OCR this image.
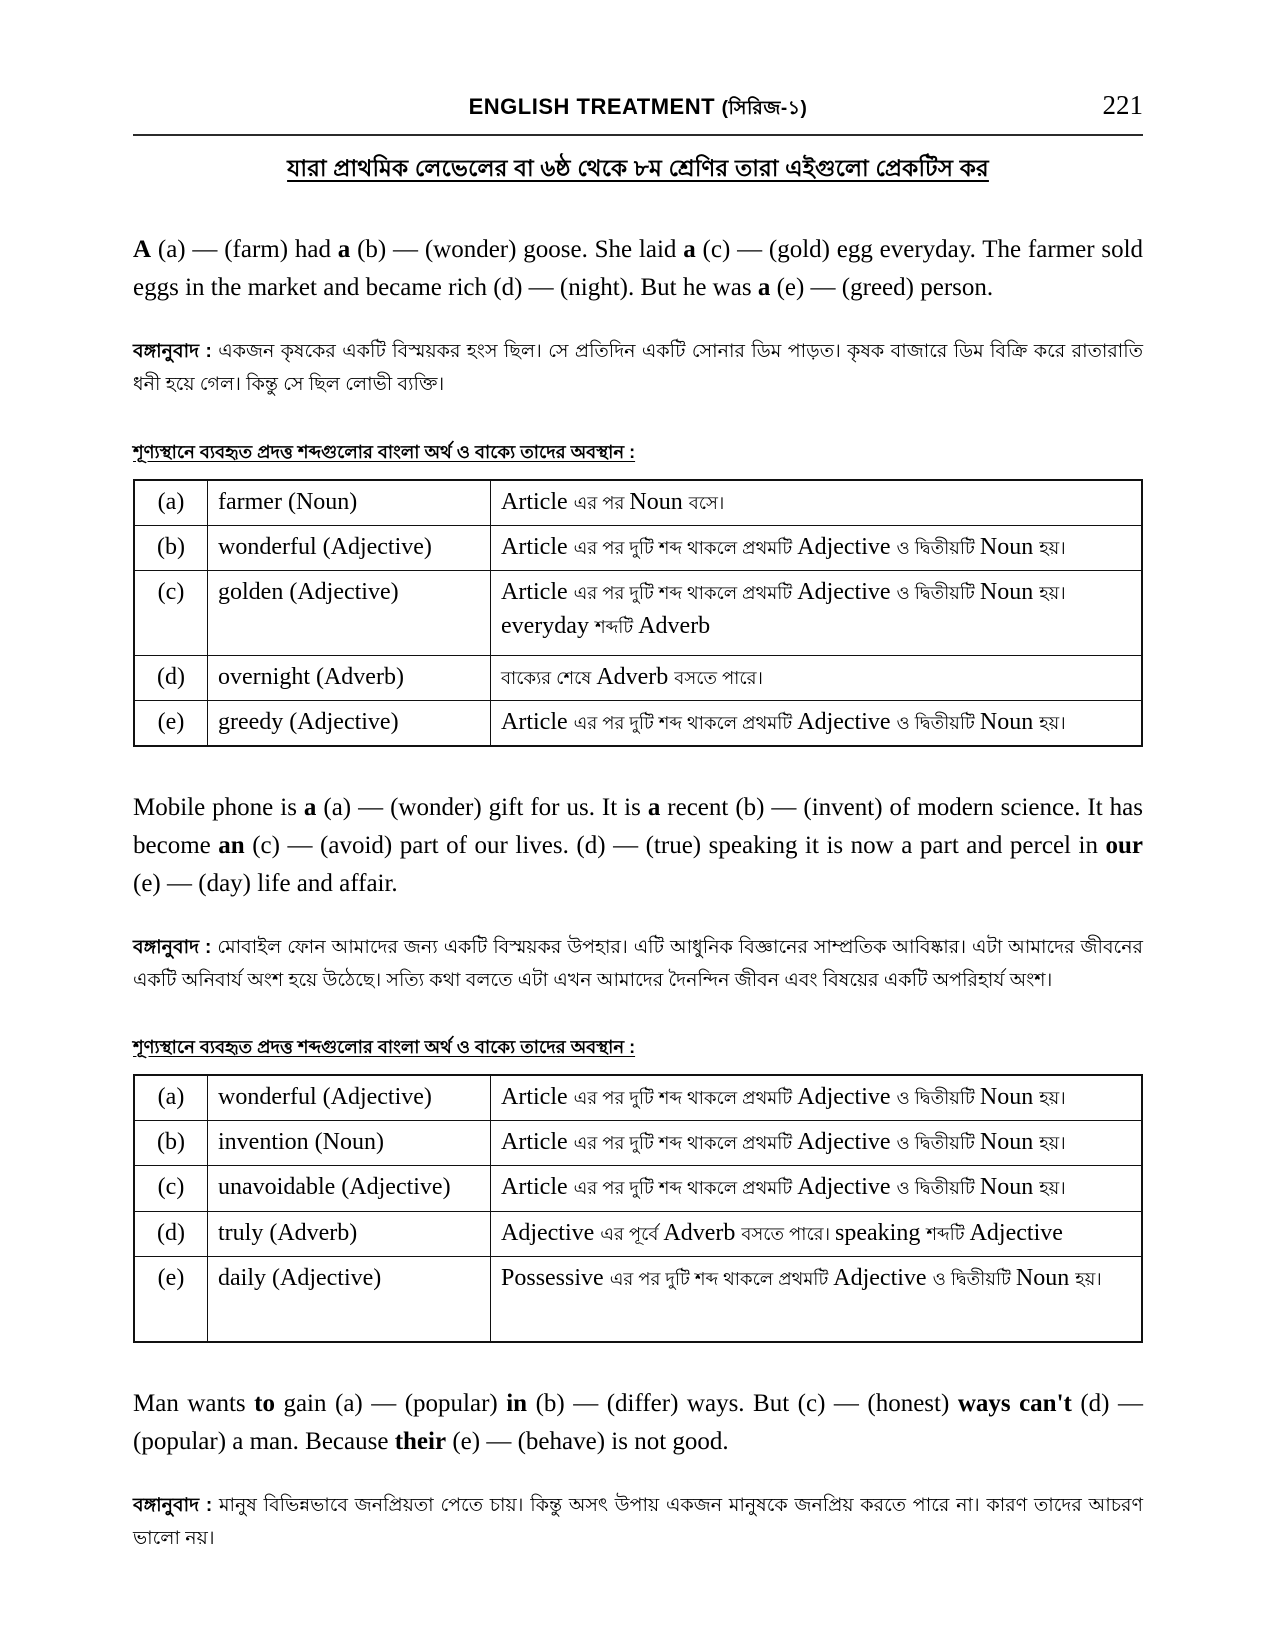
ENGLISH TREATMENT (সিরিজ-১)	221
যারা প্রাথমিক লেভেলের বা ৬ষ্ঠ থেকে ৮ম শ্রেণির তারা এইগুলো প্রেকটিস কর
A (a) — (farm) had a (b) — (wonder) goose. She laid a (c) — (gold) egg everyday. The farmer sold eggs in the market and became rich (d) — (night). But he was a (e) — (greed) person.
বঙ্গানুবাদ : একজন কৃষকের একটি বিস্ময়কর হংস ছিল। সে প্রতিদিন একটি সোনার ডিম পাড়ত। কৃষক বাজারে ডিম বিক্রি করে রাতারাতি ধনী হয়ে গেল। কিন্তু সে ছিল লোভী ব্যক্তি।
শূণ্যস্থানে ব্যবহৃত প্রদত্ত শব্দগুলোর বাংলা অর্থ ও বাক্যে তাদের অবস্থান :
(a)	farmer (Noun)	Article এর পর Noun বসে।
(b)	wonderful (Adjective)	Article এর পর দুটি শব্দ থাকলে প্রথমটি Adjective ও দ্বিতীয়টি Noun হয়।
(c)	golden (Adjective)	Article এর পর দুটি শব্দ থাকলে প্রথমটি Adjective ও দ্বিতীয়টি Noun হয়। everyday শব্দটি Adverb
(d)	overnight (Adverb)	বাক্যের শেষে Adverb বসতে পারে।
(e)	greedy (Adjective)	Article এর পর দুটি শব্দ থাকলে প্রথমটি Adjective ও দ্বিতীয়টি Noun হয়।
Mobile phone is a (a) — (wonder) gift for us. It is a recent (b) — (invent) of modern science. It has become an (c) — (avoid) part of our lives. (d) — (true) speaking it is now a part and percel in our (e) — (day) life and affair.
বঙ্গানুবাদ : মোবাইল ফোন আমাদের জন্য একটি বিস্ময়কর উপহার। এটি আধুনিক বিজ্ঞানের সাম্প্রতিক আবিষ্কার। এটা আমাদের জীবনের একটি অনিবার্য অংশ হয়ে উঠেছে। সত্যি কথা বলতে এটা এখন আমাদের দৈনন্দিন জীবন এবং বিষয়ের একটি অপরিহার্য অংশ।
শূণ্যস্থানে ব্যবহৃত প্রদত্ত শব্দগুলোর বাংলা অর্থ ও বাক্যে তাদের অবস্থান :
(a)	wonderful (Adjective)	Article এর পর দুটি শব্দ থাকলে প্রথমটি Adjective ও দ্বিতীয়টি Noun হয়।
(b)	invention (Noun)	Article এর পর দুটি শব্দ থাকলে প্রথমটি Adjective ও দ্বিতীয়টি Noun হয়।
(c)	unavoidable (Adjective)	Article এর পর দুটি শব্দ থাকলে প্রথমটি Adjective ও দ্বিতীয়টি Noun হয়।
(d)	truly (Adverb)	Adjective এর পূর্বে Adverb বসতে পারে। speaking শব্দটি Adjective
(e)	daily (Adjective)	Possessive এর পর দুটি শব্দ থাকলে প্রথমটি Adjective ও দ্বিতীয়টি Noun হয়।
Man wants to gain (a) — (popular) in (b) — (differ) ways. But (c) — (honest) ways can't (d) — (popular) a man. Because their (e) — (behave) is not good.
বঙ্গানুবাদ : মানুষ বিভিন্নভাবে জনপ্রিয়তা পেতে চায়। কিন্তু অসৎ উপায় একজন মানুষকে জনপ্রিয় করতে পারে না। কারণ তাদের আচরণ ভালো নয়।
